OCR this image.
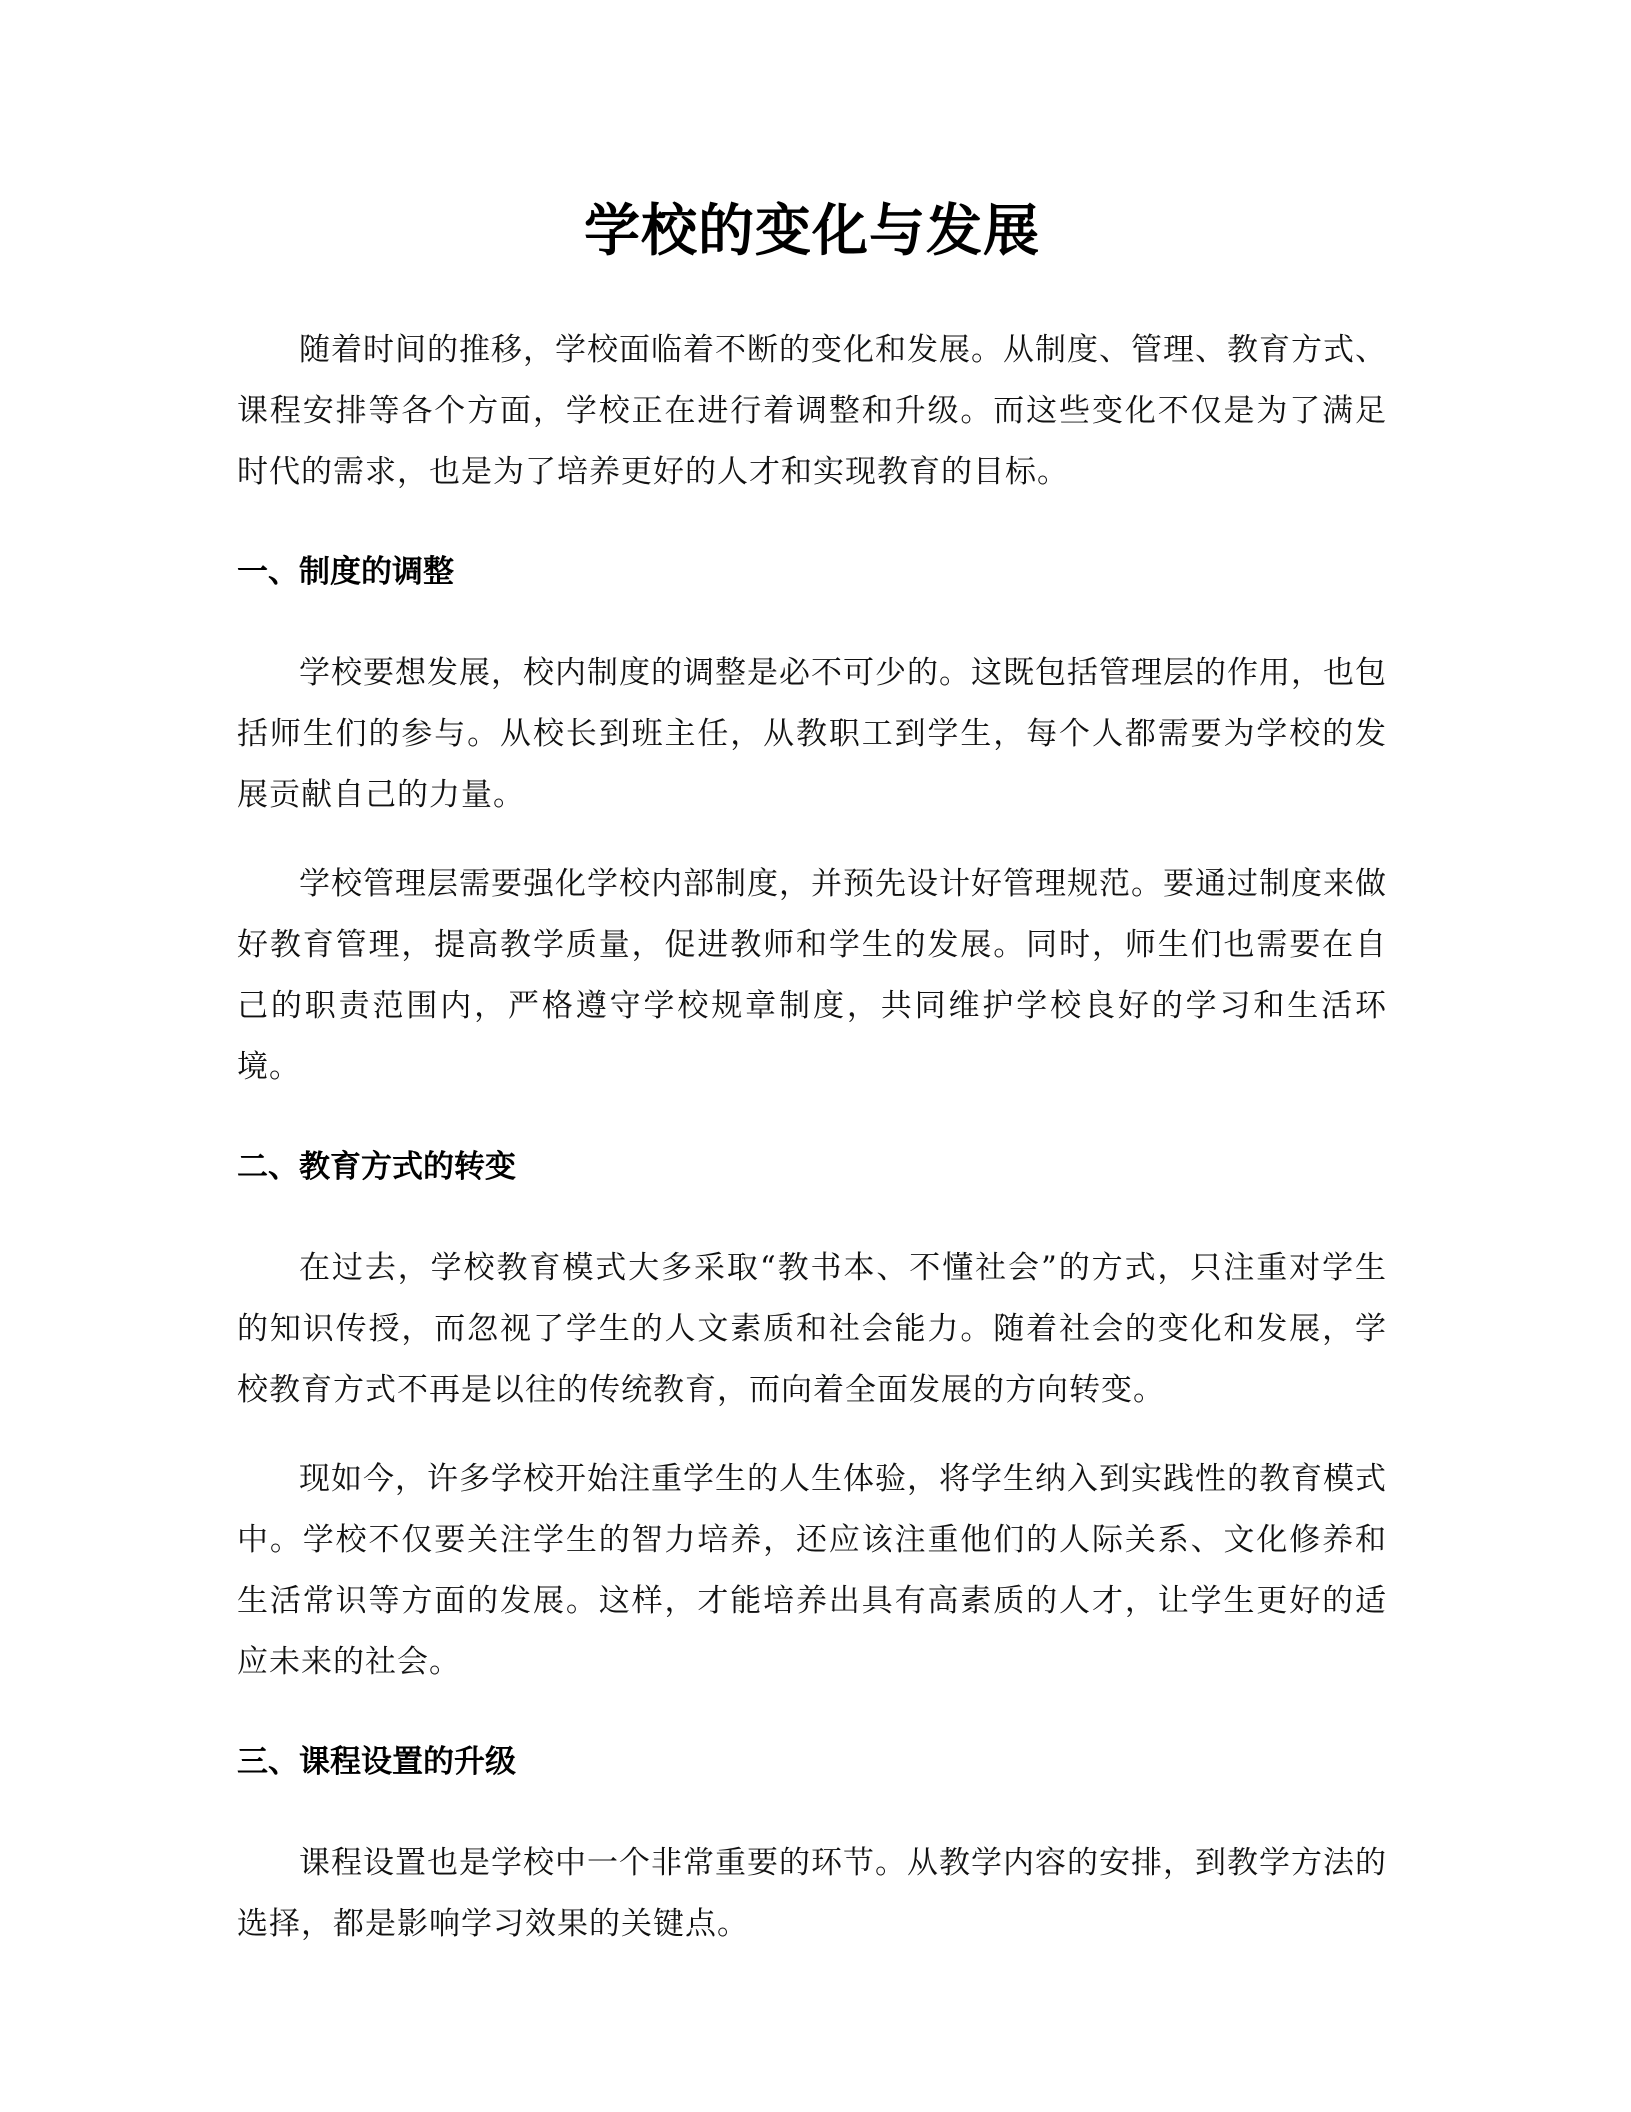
学校的变化与发展

随着时间的推移，学校面临着不断的变化和发展。从制度、管理、教育方式、课程安排等各个方面，学校正在进行着调整和升级。而这些变化不仅是为了满足时代的需求，也是为了培养更好的人才和实现教育的目标。

一、制度的调整

学校要想发展，校内制度的调整是必不可少的。这既包括管理层的作用，也包括师生们的参与。从校长到班主任，从教职工到学生，每个人都需要为学校的发展贡献自己的力量。

学校管理层需要强化学校内部制度，并预先设计好管理规范。要通过制度来做好教育管理，提高教学质量，促进教师和学生的发展。同时，师生们也需要在自己的职责范围内，严格遵守学校规章制度，共同维护学校良好的学习和生活环境。

二、教育方式的转变

在过去，学校教育模式大多采取“教书本、不懂社会”的方式，只注重对学生的知识传授，而忽视了学生的人文素质和社会能力。随着社会的变化和发展，学校教育方式不再是以往的传统教育，而向着全面发展的方向转变。

现如今，许多学校开始注重学生的人生体验，将学生纳入到实践性的教育模式中。学校不仅要关注学生的智力培养，还应该注重他们的人际关系、文化修养和生活常识等方面的发展。这样，才能培养出具有高素质的人才，让学生更好的适应未来的社会。

三、课程设置的升级

课程设置也是学校中一个非常重要的环节。从教学内容的安排，到教学方法的选择，都是影响学习效果的关键点。
